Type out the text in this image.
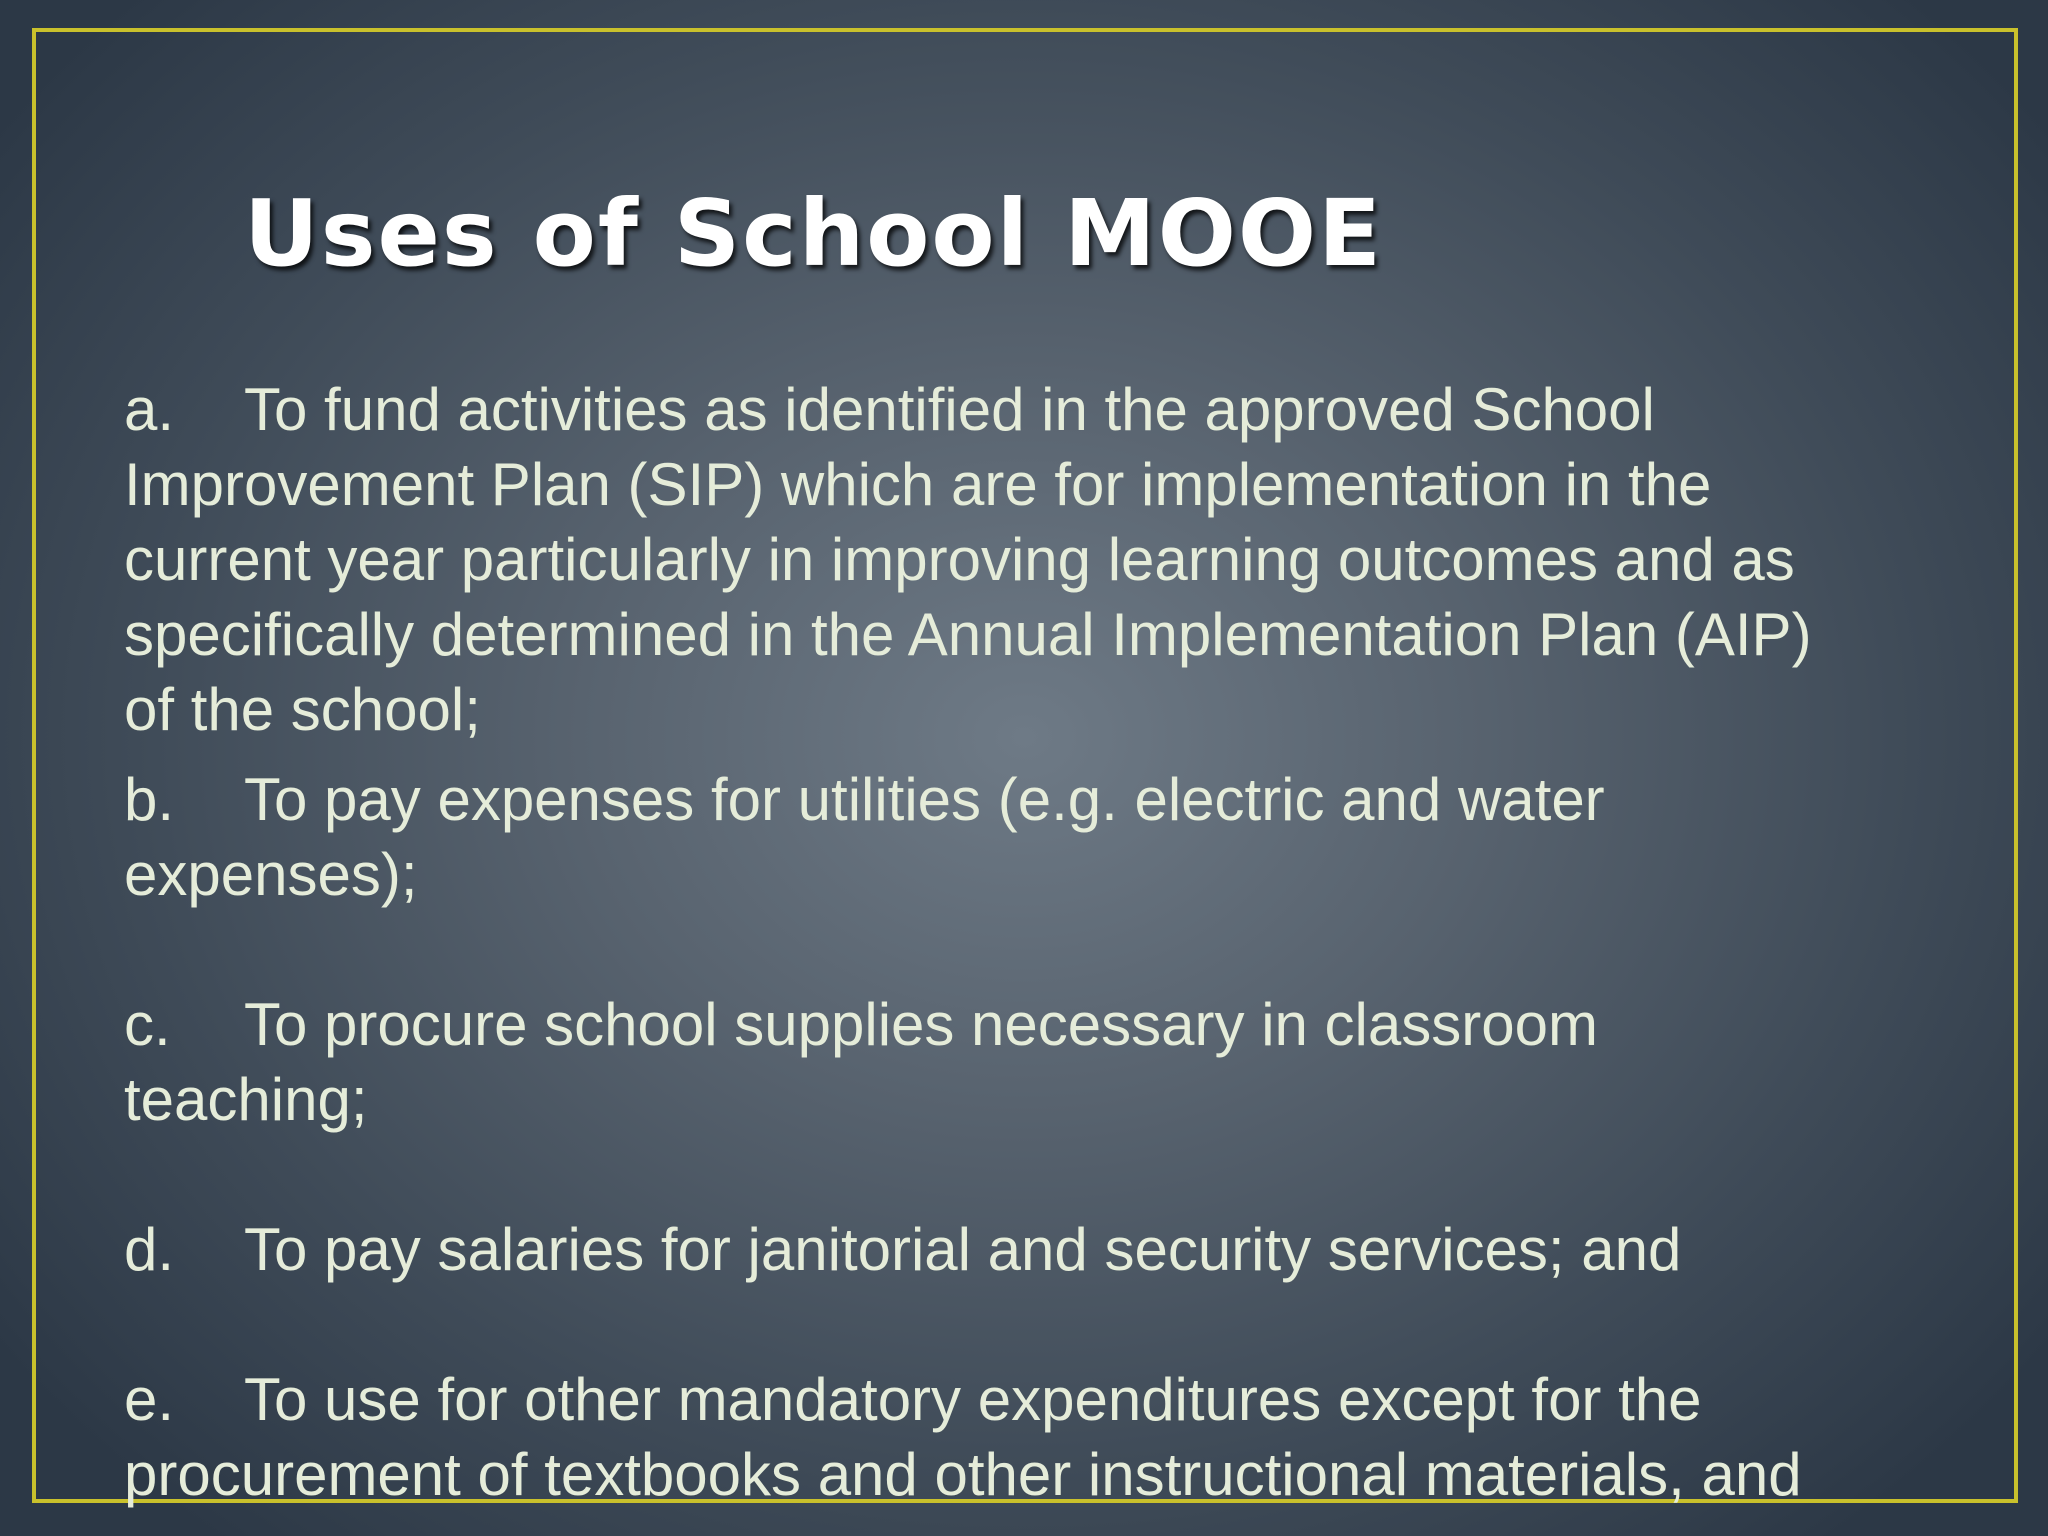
Uses of School MOOE
a. To fund activities as identified in the approved School
Improvement Plan (SIP) which are for implementation in the
current year particularly in improving learning outcomes and as
specifically determined in the Annual Implementation Plan (AIP)
of the school;
b. To pay expenses for utilities (e.g. electric and water
expenses);
c. To procure school supplies necessary in classroom
teaching;
d. To pay salaries for janitorial and security services; and
e. To use for other mandatory expenditures except for the
procurement of textbooks and other instructional materials, and
